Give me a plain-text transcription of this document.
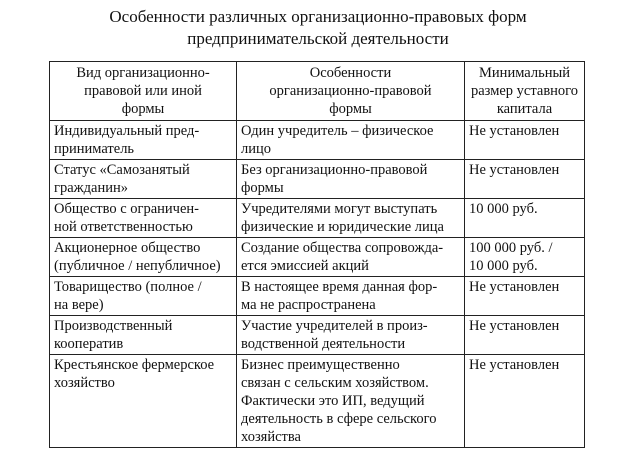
Особенности различных организационно-правовых форм
предпринимательской деятельности
Вид организационно-
правовой или иной
формы	Особенности
организационно-правовой
формы	Минимальный
размер уставного
капитала

Индивидуальный пред-
приниматель	Один учредитель – физическое
лицо	Не установлен

Статус «Самозанятый
гражданин»	Без организационно-правовой
формы	Не установлен

Общество с ограничен-
ной ответственностью	Учредителями могут выступать
физические и юридические лица	10 000 руб.

Акционерное общество
(публичное / непубличное)	Создание общества сопровожда-
ется эмиссией акций	100 000 руб. /
10 000 руб.

Товарищество (полное /
на вере)	В настоящее время данная фор-
ма не распространена	Не установлен

Производственный
кооператив	Участие учредителей в произ-
водственной деятельности	Не установлен

Крестьянское фермерское
хозяйство	Бизнес преимущественно
связан с сельским хозяйством.
Фактически это ИП, ведущий
деятельность в сфере сельского
хозяйства	Не установлен
